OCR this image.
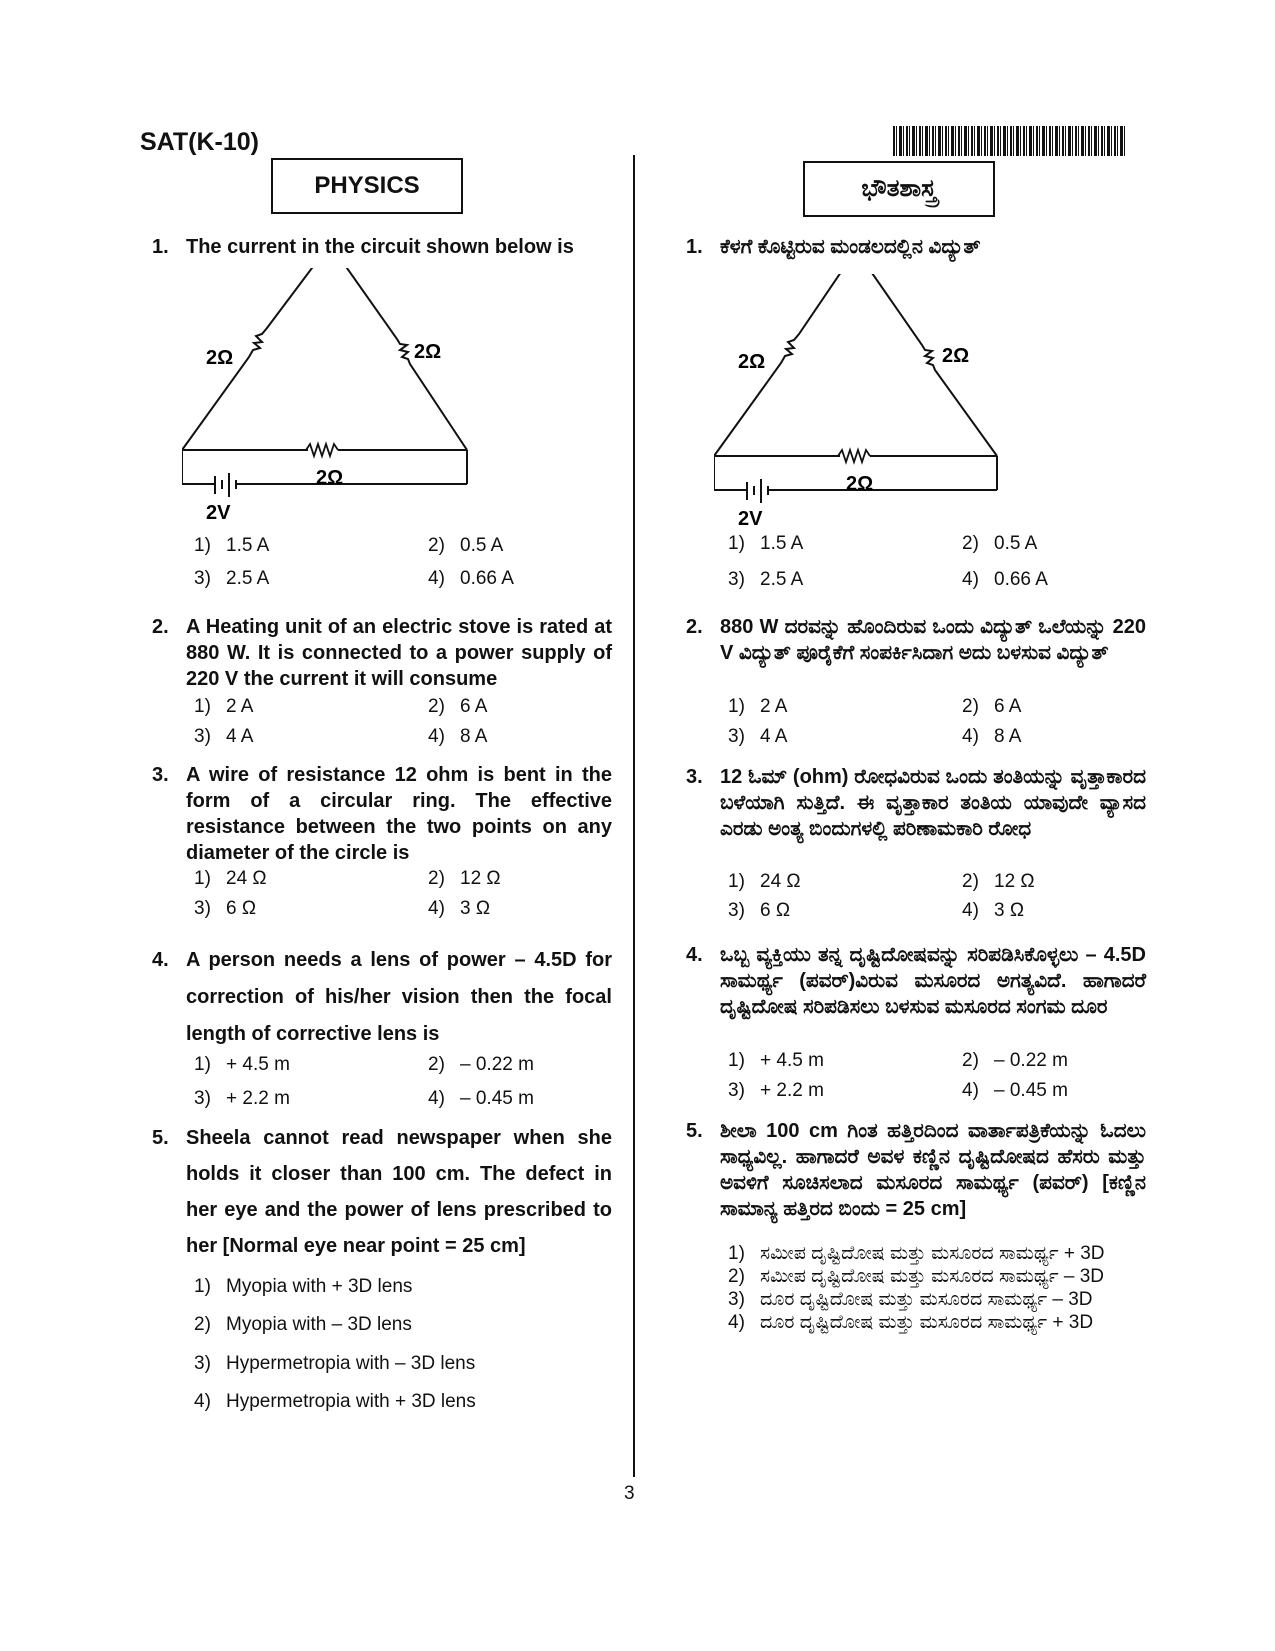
SAT(K-10)
PHYSICS	ಭೌತಶಾಸ್ತ್ರ
3
1. The current in the circuit shown below is
2Ω	2Ω
2Ω
2V
1) 1.5 A	2) 0.5 A
3) 2.5 A	4) 0.66 A
2. A Heating unit of an electric stove is rated at 880 W. It is connected to a power supply of 220 V the current it will consume
1) 2 A	2) 6 A
3) 4 A	4) 8 A
3. A wire of resistance 12 ohm is bent in the form of a circular ring. The effective resistance between the two points on any diameter of the circle is
1) 24 Ω	2) 12 Ω
3) 6 Ω	4) 3 Ω
4. A person needs a lens of power – 4.5D for correction of his/her vision then the focal length of corrective lens is
1) + 4.5 m	2) – 0.22 m
3) + 2.2 m	4) – 0.45 m
5. Sheela cannot read newspaper when she holds it closer than 100 cm. The defect in her eye and the power of lens prescribed to her [Normal eye near point = 25 cm]
1) Myopia with + 3D lens
2) Myopia with – 3D lens
3) Hypermetropia with – 3D lens
4) Hypermetropia with + 3D lens
1. ಕೆಳಗೆ ಕೊಟ್ಟಿರುವ ಮಂಡಲದಲ್ಲಿನ ವಿದ್ಯುತ್
2Ω	2Ω
2Ω
2V
1) 1.5 A	2) 0.5 A
3) 2.5 A	4) 0.66 A
2. 880 W ದರವನ್ನು ಹೊಂದಿರುವ ಒಂದು ವಿದ್ಯುತ್ ಒಲೆಯನ್ನು 220 V ವಿದ್ಯುತ್ ಪೂರೈಕೆಗೆ ಸಂಪರ್ಕಿಸಿದಾಗ ಅದು ಬಳಸುವ ವಿದ್ಯುತ್
1) 2 A	2) 6 A
3) 4 A	4) 8 A
3. 12 ಓಮ್ (ohm) ರೋಧವಿರುವ ಒಂದು ತಂತಿಯನ್ನು ವೃತ್ತಾಕಾರದ ಬಳೆಯಾಗಿ ಸುತ್ತಿದೆ. ಈ ವೃತ್ತಾಕಾರ ತಂತಿಯ ಯಾವುದೇ ವ್ಯಾಸದ ಎರಡು ಅಂತ್ಯ ಬಿಂದುಗಳಲ್ಲಿ ಪರಿಣಾಮಕಾರಿ ರೋಧ
1) 24 Ω	2) 12 Ω
3) 6 Ω	4) 3 Ω
4. ಒಬ್ಬ ವ್ಯಕ್ತಿಯು ತನ್ನ ದೃಷ್ಟಿದೋಷವನ್ನು ಸರಿಪಡಿಸಿಕೊಳ್ಳಲು – 4.5D ಸಾಮರ್ಥ್ಯ (ಪವರ್)ವಿರುವ ಮಸೂರದ ಅಗತ್ಯವಿದೆ. ಹಾಗಾದರೆ ದೃಷ್ಟಿದೋಷ ಸರಿಪಡಿಸಲು ಬಳಸುವ ಮಸೂರದ ಸಂಗಮ ದೂರ
1) + 4.5 m	2) – 0.22 m
3) + 2.2 m	4) – 0.45 m
5. ಶೀಲಾ 100 cm ಗಿಂತ ಹತ್ತಿರದಿಂದ ವಾರ್ತಾಪತ್ರಿಕೆಯನ್ನು ಓದಲು ಸಾಧ್ಯವಿಲ್ಲ. ಹಾಗಾದರೆ ಅವಳ ಕಣ್ಣಿನ ದೃಷ್ಟಿದೋಷದ ಹೆಸರು ಮತ್ತು ಅವಳಿಗೆ ಸೂಚಿಸಲಾದ ಮಸೂರದ ಸಾಮರ್ಥ್ಯ (ಪವರ್) [ಕಣ್ಣಿನ ಸಾಮಾನ್ಯ ಹತ್ತಿರದ ಬಿಂದು = 25 cm]
1) ಸಮೀಪ ದೃಷ್ಟಿದೋಷ ಮತ್ತು ಮಸೂರದ ಸಾಮರ್ಥ್ಯ + 3D
2) ಸಮೀಪ ದೃಷ್ಟಿದೋಷ ಮತ್ತು ಮಸೂರದ ಸಾಮರ್ಥ್ಯ – 3D
3) ದೂರ ದೃಷ್ಟಿದೋಷ ಮತ್ತು ಮಸೂರದ ಸಾಮರ್ಥ್ಯ – 3D
4) ದೂರ ದೃಷ್ಟಿದೋಷ ಮತ್ತು ಮಸೂರದ ಸಾಮರ್ಥ್ಯ + 3D
